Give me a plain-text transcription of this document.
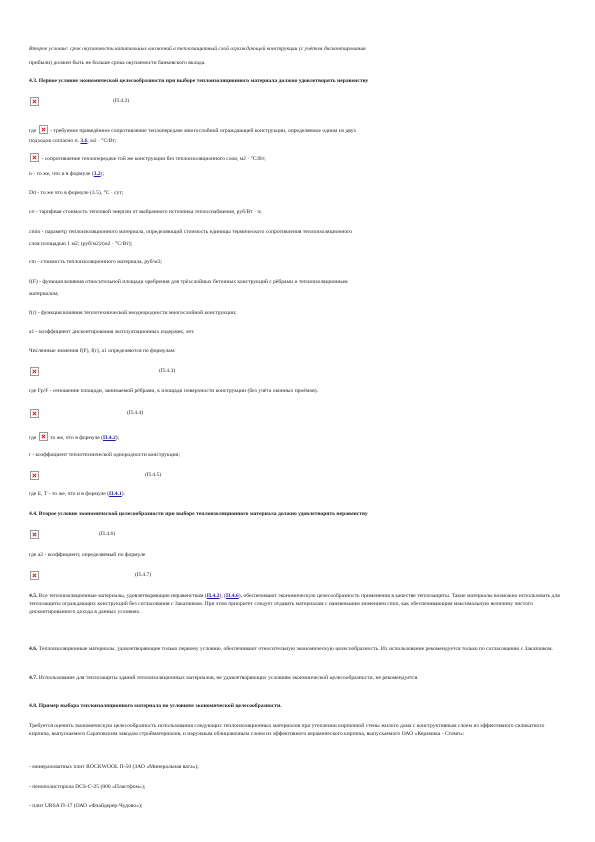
Второе условие: срок окупаемости капитальных вложений в теплозащитный слой ограждающей конструкции (с учётом дисконтирования
прибыли) должен быть не больше срока окупаемости банковского вклада.
4.3. Первое условие экономической целесообразности при выборе теплоизоляционного материала должно удовлетворять неравенству
(П.4.2)
где - требуемое приведённое сопротивление теплопередаче многослойной ограждающей конструкции, определяемое одним из двух
подходов согласно п. 3.6, м2 · °С/Вт;
- сопротивление теплопередаче той же конструкции без теплоизоляционного слоя, м2 · °С/Вт;
n - то же, что и в формуле (3.2);
Dd - то же что в формуле (3.5), °С · сут;
cσ - тарифная стоимость тепловой энергии от выбранного источника теплоснабжения, руб/Вт · ч;
cmin - параметр теплоизоляционного материала, определяющий стоимость единицы термического сопротивления теплоизоляционного
слоя площадью 1 м2; (руб/м2)/(м2 · °С/Вт);
cm - стоимость теплоизоляционного материала, руб/м3;
f(F) - функция влияния относительной площади оребрения для трёхслойных бетонных конструкций с рёбрами и теплоизоляционным
материалом;
f(r) - функция влияния теплотехнической неоднородности многослойной конструкции;
a1 - коэффициент дисконтирования эксплуатационных издержек, лет.
Численные значения f(F), f(r), a1 определяются по формулам:
(П.4.3)
где Fp/F - отношение площади, занимаемой рёбрами, к площади поверхности конструкции (без учёта оконных проёмов).
(П.4.4)
где то же, что в формуле (П.4.2);
r - коэффициент теплотехнической однородности конструкции;
(П.4.5)
где E, T - то же, что и в формуле (П.4.1).
4.4. Второе условие экономической целесообразности при выборе теплоизоляционного материала должно удовлетворять неравенству
(П.4.6)
где a2 - коэффициент, определяемый по формуле
(П.4.7)
4.5. Все теплоизоляционные материалы, удовлетворяющие неравенствам (П.4.2), (П.4.6), обеспечивают экономическую целесообразность применения в качестве теплозащиты. Такие материалы возможно использовать для теплозащиты ограждающих конструкций без согласования с Заказчиком. При этом приоритет следует отдавать материалам с наименьшим значением cmin, как обеспечивающим максимальную величину чистого дисконтированного дохода в данных условиях.
4.6. Теплоизоляционные материалы, удовлетворяющие только первому условию, обеспечивают относительную экономическую целесообразность. Их использование рекомендуется только по согласованию с Заказчиком.
4.7. Использование для теплозащиты зданий теплоизоляционных материалов, не удовлетворяющих условиям экономической целесообразности, не рекомендуется.
4.8. Пример выбора теплоизоляционного материала по условиям экономической целесообразности.
Требуется оценить экономическую целесообразность использования следующих теплоизоляционных материалов при утеплении кирпичной стены жилого дома с конструктивным слоем из эффективного силикатного кирпича, выпускаемого Саратовским заводом стройматериалов, и наружным облицовочным слоем из эффективного керамического кирпича, выпускаемого ОАО «Керамика - Стемп»:
- минераловатных плит ROCKWOOL П-50 (ЗАО «Минеральная вата»);
- пенополистирола DCS-С-25 (000 «Пластфом»);
- плит URSA П-17 (ОАО «Флайдерер-Чудово»);
